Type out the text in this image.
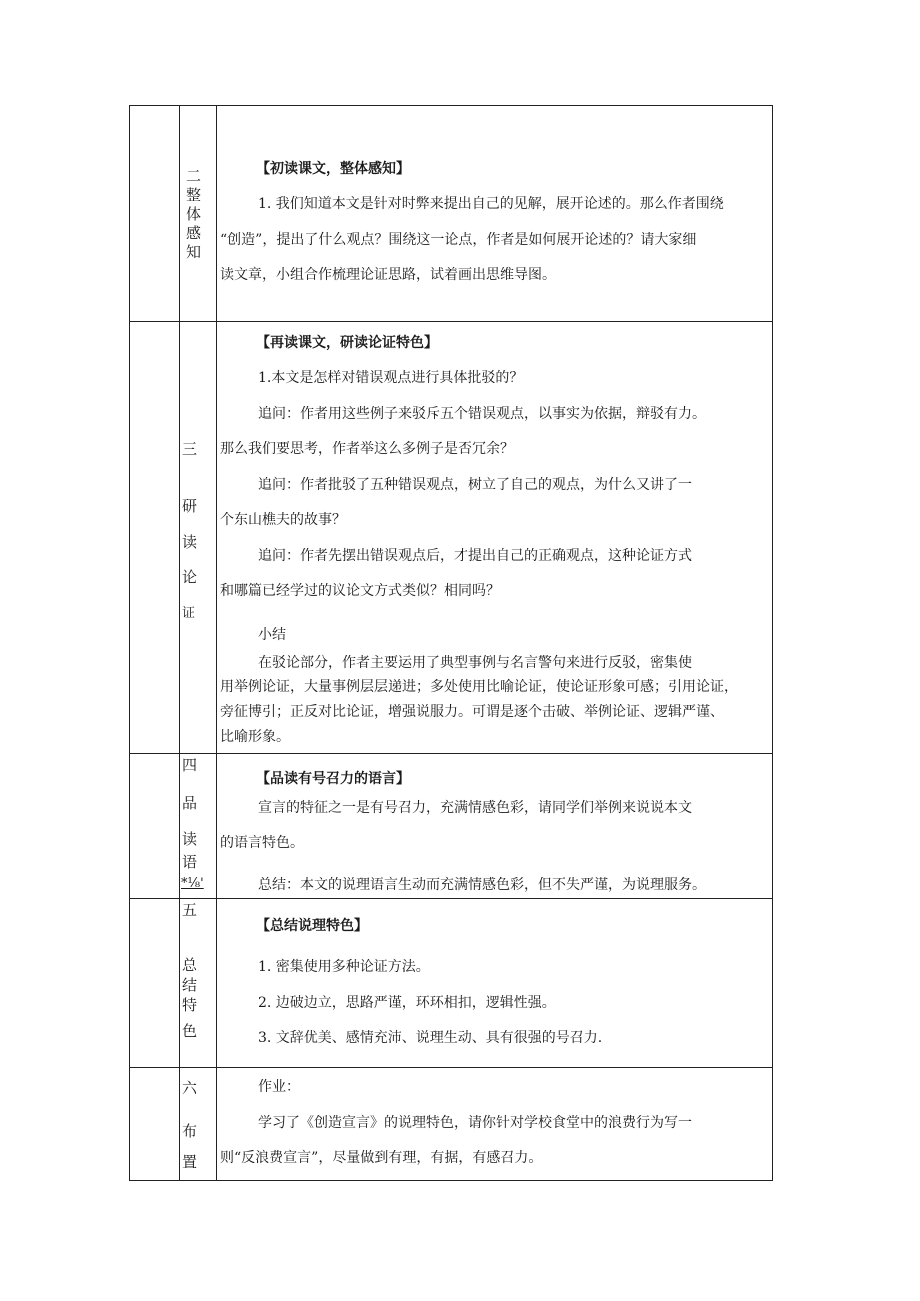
二
整
体
感
知
【初读课文，整体感知】
1. 我们知道本文是针对时弊来提出自己的见解，展开论述的。那么作者围绕
“创造”，提出了什么观点？围绕这一论点，作者是如何展开论述的？请大家细
读文章，小组合作梳理论证思路，试着画出思维导图。
三
研
读
论
证
【再读课文，研读论证特色】
1.本文是怎样对错误观点进行具体批驳的？
追问：作者用这些例子来驳斥五个错误观点，以事实为依据，辩驳有力。
那么我们要思考，作者举这么多例子是否冗余？
追问：作者批驳了五种错误观点，树立了自己的观点，为什么又讲了一
个东山樵夫的故事？
追问：作者先摆出错误观点后，才提出自己的正确观点，这种论证方式
和哪篇已经学过的议论文方式类似？相同吗？
小结
在驳论部分，作者主要运用了典型事例与名言警句来进行反驳，密集使
用举例论证，大量事例层层递进；多处使用比喻论证，使论证形象可感；引用论证，
旁征博引；正反对比论证，增强说服力。可谓是逐个击破、举例论证、逻辑严谨、
比喻形象。
四
品
读
语
*⅛'
【品读有号召力的语言】
宣言的特征之一是有号召力，充满情感色彩，请同学们举例来说说本文
的语言特色。
总结：本文的说理语言生动而充满情感色彩，但不失严谨，为说理服务。
五
总
结
特
色
【总结说理特色】
1. 密集使用多种论证方法。
2. 边破边立，思路严谨，环环相扣，逻辑性强。
3. 文辞优美、感情充沛、说理生动、具有很强的号召力.
六
布
置
作业：
学习了《创造宣言》的说理特色，请你针对学校食堂中的浪费行为写一
则“反浪费宣言”，尽量做到有理，有据，有感召力。
